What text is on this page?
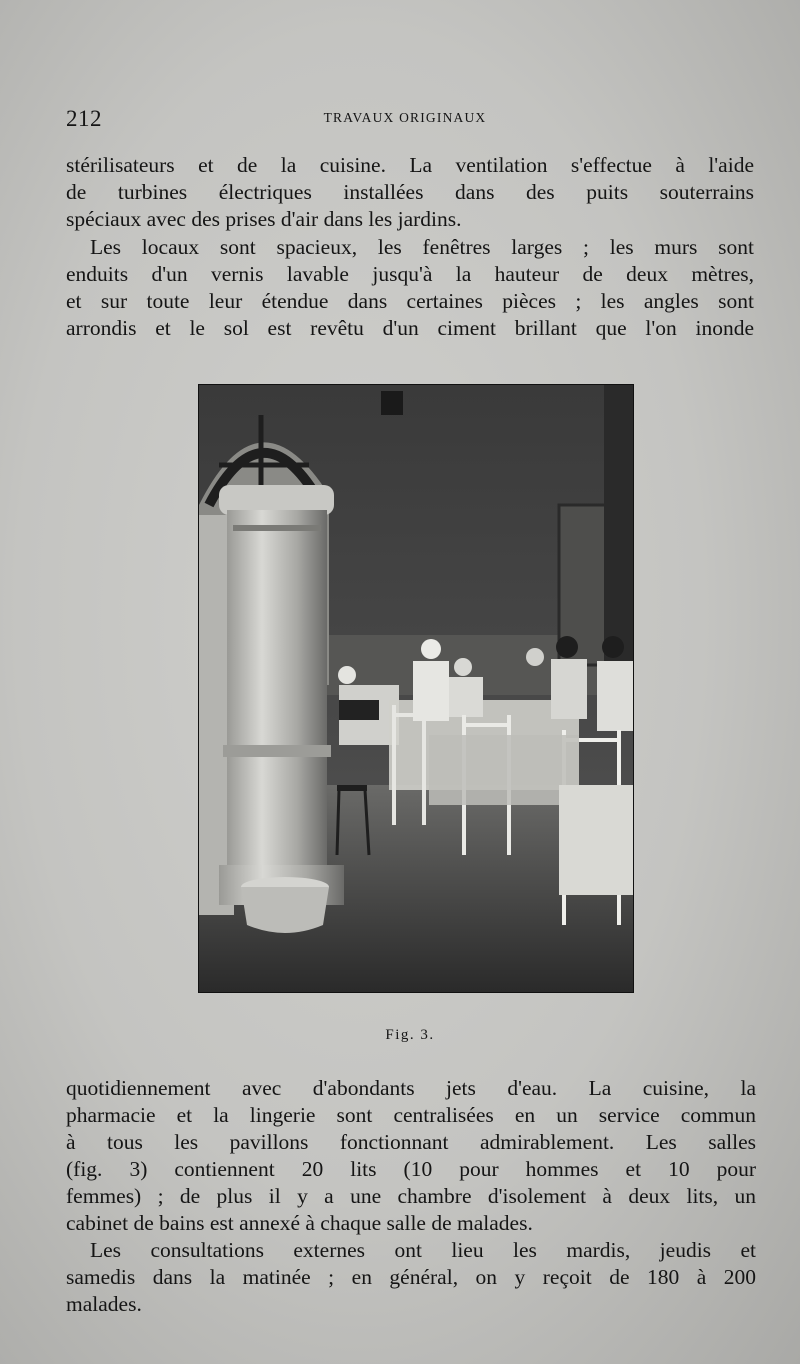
212	TRAVAUX ORIGINAUX
stérilisateurs et de la cuisine. La ventilation s'effectue à l'aide
de turbines électriques installées dans des puits souterrains
spéciaux avec des prises d'air dans les jardins.
Les locaux sont spacieux, les fenêtres larges ; les murs sont
enduits d'un vernis lavable jusqu'à la hauteur de deux mètres,
et sur toute leur étendue dans certaines pièces ; les angles sont
arrondis et le sol est revêtu d'un ciment brillant que l'on inonde
Fig. 3.
quotidiennement avec d'abondants jets d'eau. La cuisine, la
pharmacie et la lingerie sont centralisées en un service commun
à tous les pavillons fonctionnant admirablement. Les salles
(fig. 3) contiennent 20 lits (10 pour hommes et 10 pour
femmes) ; de plus il y a une chambre d'isolement à deux lits, un
cabinet de bains est annexé à chaque salle de malades.
Les consultations externes ont lieu les mardis, jeudis et
samedis dans la matinée ; en général, on y reçoit de 180 à 200
malades.
